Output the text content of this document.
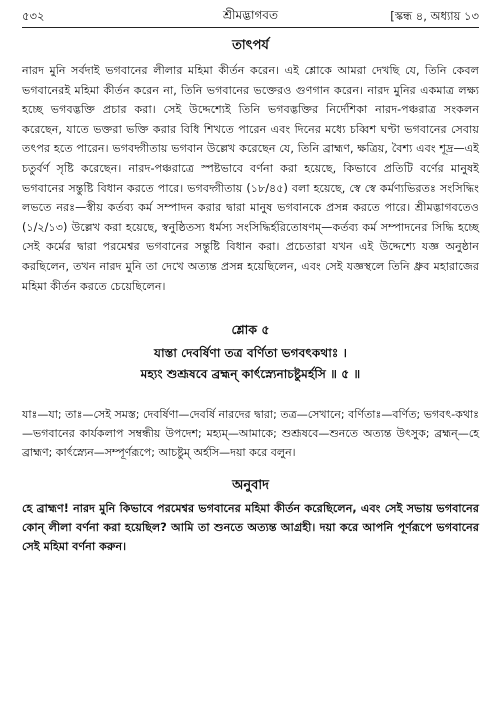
৫৩২	শ্রীমদ্ভাগবত	[স্কন্ধ ৪, অধ্যায় ১৩
তাৎপর্য

নারদ মুনি সর্বদাই ভগবানের লীলার মহিমা কীর্তন করেন। এই শ্লোকে আমরা দেখছি যে, তিনি কেবল ভগবানেরই মহিমা কীর্তন করেন না, তিনি ভগবানের ভক্তেরও গুণগান করেন। নারদ মুনির একমাত্র লক্ষ্য হচ্ছে ভগবদ্ভক্তি প্রচার করা। সেই উদ্দেশ্যেই তিনি ভগবদ্ভক্তির নির্দেশিকা নারদ-পঞ্চরাত্র সংকলন করেছেন, যাতে ভক্তরা ভক্তি করার বিধি শিখতে পারেন এবং দিনের মধ্যে চব্বিশ ঘণ্টা ভগবানের সেবায় তৎপর হতে পারেন। ভগবদ্গীতায় ভগবান উল্লেখ করেছেন যে, তিনি ব্রাহ্মণ, ক্ষত্রিয়, বৈশ্য এবং শূদ্র—এই চতুর্বর্ণ সৃষ্টি করেছেন। নারদ-পঞ্চরাত্রে স্পষ্টভাবে বর্ণনা করা হয়েছে, কিভাবে প্রতিটি বর্ণের মানুষই ভগবানের সন্তুষ্টি বিধান করতে পারে। ভগবদ্গীতায় (১৮/৪৫) বলা হয়েছে, স্বে স্বে কর্মণ্যভিরতঃ সংসিদ্ধিং লভতে নরঃ—স্বীয় কর্তব্য কর্ম সম্পাদন করার দ্বারা মানুষ ভগবানকে প্রসন্ন করতে পারে। শ্রীমদ্ভাগবতেও (১/২/১৩) উল্লেখ করা হয়েছে, স্বনুষ্ঠিতস্য ধর্মস্য সংসিদ্ধির্হরিতোষণম্—কর্তব্য কর্ম সম্পাদনের সিদ্ধি হচ্ছে সেই কর্মের দ্বারা পরমেশ্বর ভগবানের সন্তুষ্টি বিধান করা। প্রচেতারা যখন এই উদ্দেশ্যে যজ্ঞ অনুষ্ঠান করছিলেন, তখন নারদ মুনি তা দেখে অত্যন্ত প্রসন্ন হয়েছিলেন, এবং সেই যজ্ঞস্থলে তিনি ধ্রুব মহারাজের মহিমা কীর্তন করতে চেয়েছিলেন।

শ্লোক ৫

যাস্তা দেবর্ষিণা তত্র বর্ণিতা ভগবৎকথাঃ ।

মহ্যং শুশ্রূষবে ব্রহ্মন্ কার্ৎস্ন্যেনাচষ্টুমর্হসি ॥ ৫ ॥

যাঃ—যা; তাঃ—সেই সমস্ত; দেবর্ষিণা—দেবর্ষি নারদের দ্বারা; তত্র—সেখানে; বর্ণিতাঃ—বর্ণিত; ভগবৎ-কথাঃ—ভগবানের কার্যকলাপ সম্বন্ধীয় উপদেশ; মহ্যম্—আমাকে; শুশ্রূষবে—শুনতে অত্যন্ত উৎসুক; ব্রহ্মন্—হে ব্রাহ্মণ; কার্ৎস্ন্যেন—সম্পূর্ণরূপে; আচষ্টুম্ অর্হসি—দয়া করে বলুন।

অনুবাদ

হে ব্রাহ্মণ! নারদ মুনি কিভাবে পরমেশ্বর ভগবানের মহিমা কীর্তন করেছিলেন, এবং সেই সভায় ভগবানের কোন্ লীলা বর্ণনা করা হয়েছিল? আমি তা শুনতে অত্যন্ত আগ্রহী। দয়া করে আপনি পূর্ণরূপে ভগবানের সেই মহিমা বর্ণনা করুন।
